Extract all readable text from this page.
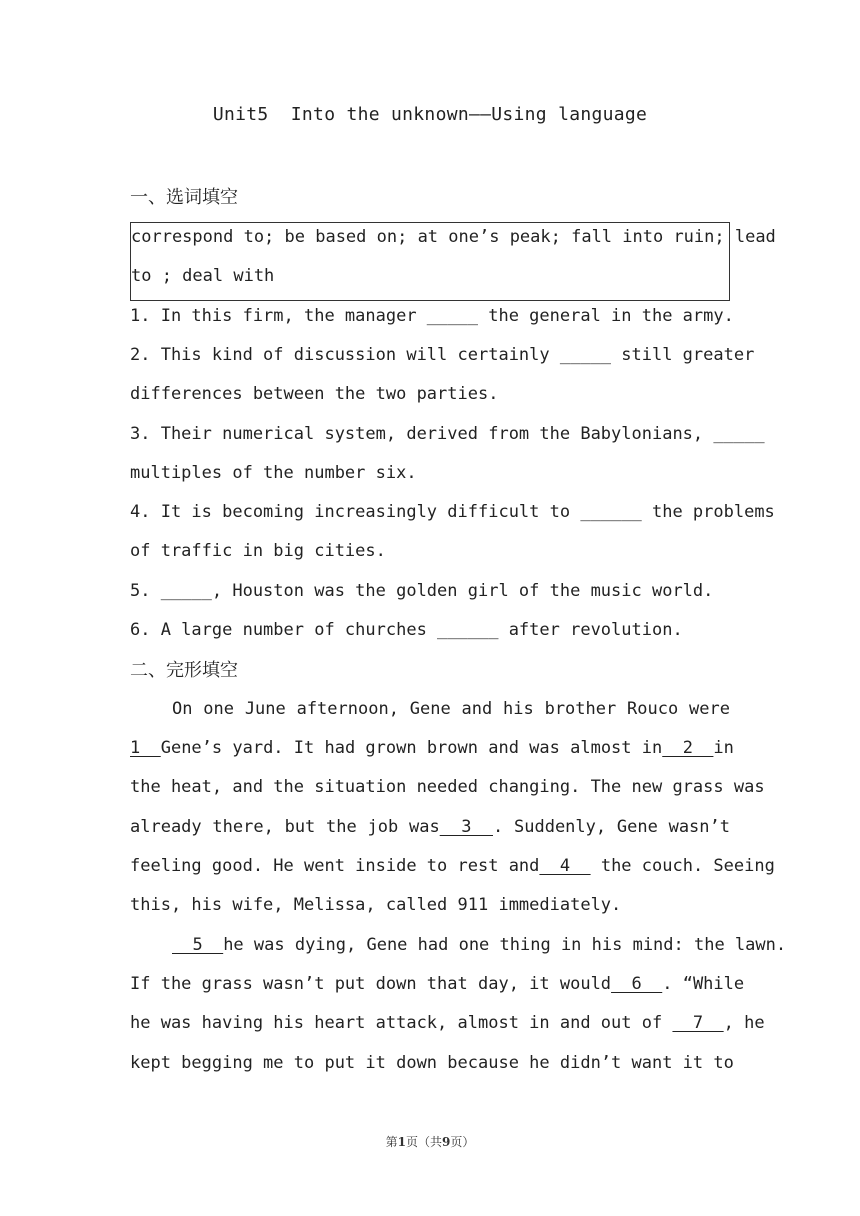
Unit5  Into the unknown——Using language
一、选词填空
correspond to; be based on; at one’s peak; fall into ruin; lead
to ; deal with
1. In this firm, the manager _____ the general in the army.
2. This kind of discussion will certainly _____ still greater
differences between the two parties.
3. Their numerical system, derived from the Babylonians, _____
multiples of the number six.
4. It is becoming increasingly difficult to ______ the problems
of traffic in big cities.
5. _____, Houston was the golden girl of the music world.
6. A large number of churches ______ after revolution.
二、完形填空
On one June afternoon, Gene and his brother Rouco were
1  Gene’s yard. It had grown brown and was almost in  2  in
the heat, and the situation needed changing. The new grass was
already there, but the job was  3  . Suddenly, Gene wasn’t
feeling good. He went inside to rest and  4   the couch. Seeing
this, his wife, Melissa, called 911 immediately.
5  he was dying, Gene had one thing in his mind: the lawn.
If the grass wasn’t put down that day, it would  6  . “While
he was having his heart attack, almost in and out of   7  , he
kept begging me to put it down because he didn’t want it to
第1页（共9页）
